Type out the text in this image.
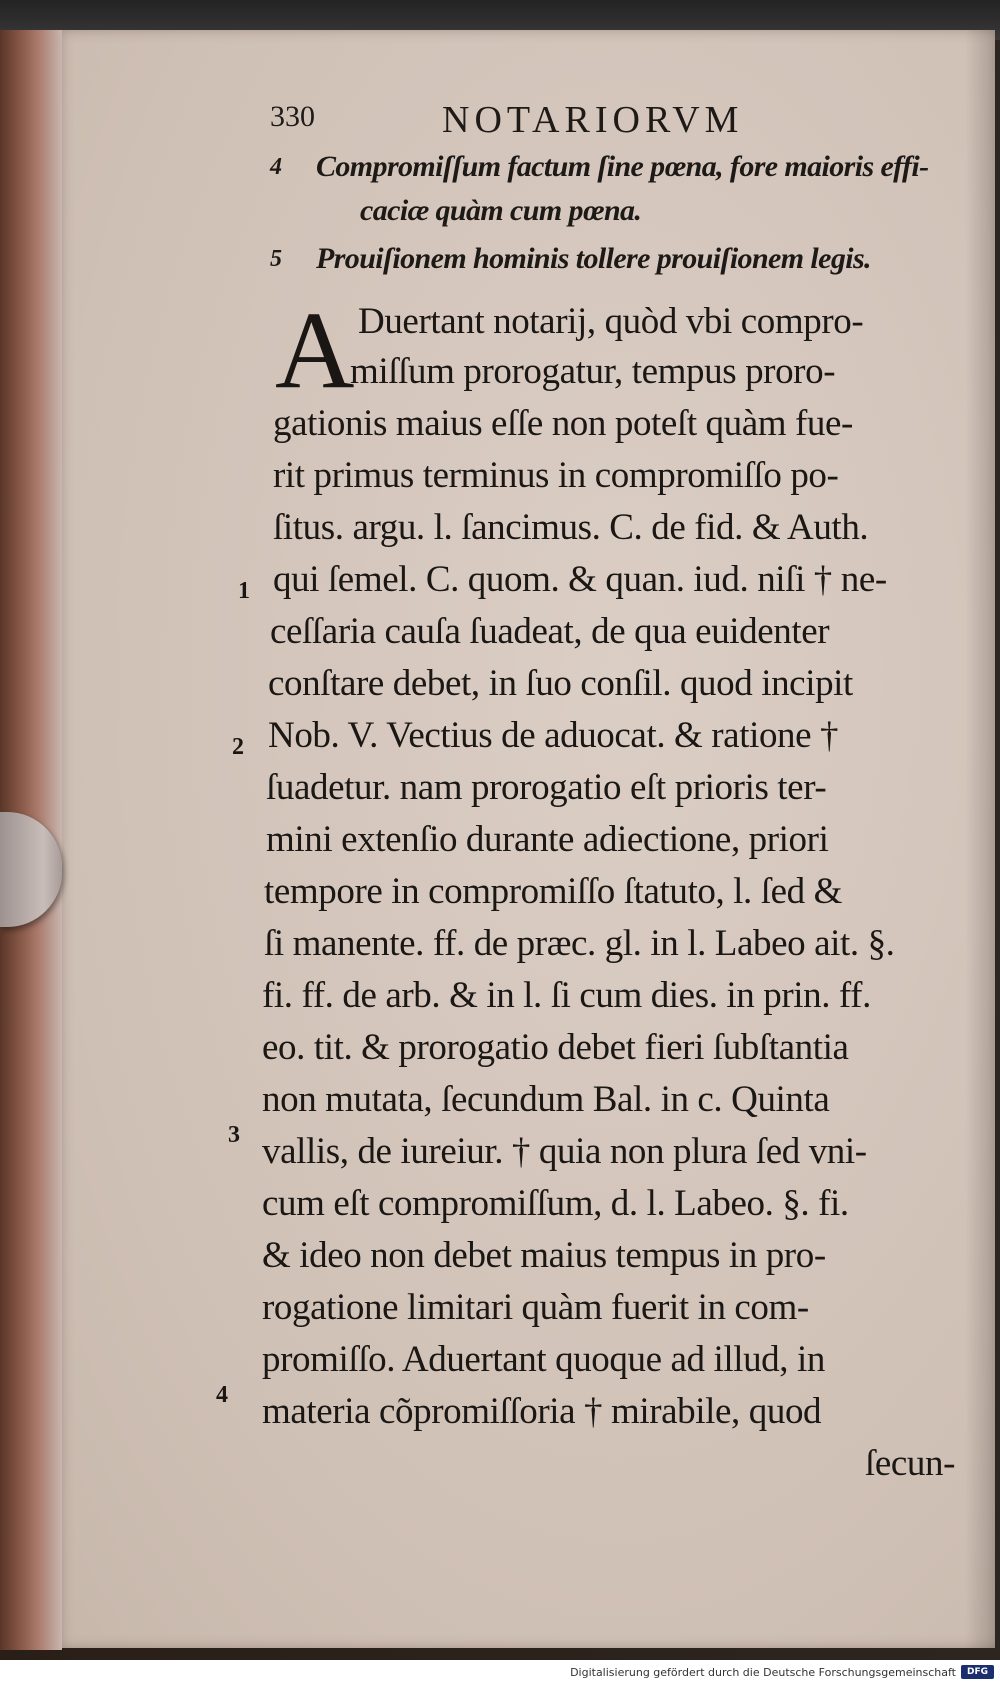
330	NOTARIORVM
4 Compromiſſum factum ſine pœna, fore maioris effi-
caciæ quàm cum pœna.
5 Prouiſionem hominis tollere prouiſionem legis.
A Duertant notarij, quòd vbi compro-
miſſum prorogatur, tempus proro-
gationis maius eſſe non poteſt quàm fue-
rit primus terminus in compromiſſo po-
ſitus. argu. l. ſancimus. C. de fid. & Auth.
qui ſemel. C. quom. & quan. iud. niſi † ne-
ceſſaria cauſa ſuadeat, de qua euidenter
conſtare debet, in ſuo conſil. quod incipit
Nob. V. Vectius de aduocat. & ratione †
ſuadetur. nam prorogatio eſt prioris ter-
mini extenſio durante adiectione, priori
tempore in compromiſſo ſtatuto, l. ſed &
ſi manente. ff. de præc. gl. in l. Labeo ait. §.
fi. ff. de arb. & in l. ſi cum dies. in prin. ff.
eo. tit. & prorogatio debet fieri ſubſtantia
non mutata, ſecundum Bal. in c. Quinta
vallis, de iureiur. † quia non plura ſed vni-
cum eſt compromiſſum, d. l. Labeo. §. fi.
& ideo non debet maius tempus in pro-
rogatione limitari quàm fuerit in com-
promiſſo. Aduertant quoque ad illud, in
materia cõpromiſſoria † mirabile, quod
ſecun-
1
2
3
4
Digitalisierung gefördert durch die Deutsche Forschungsgemeinschaft	DFG
